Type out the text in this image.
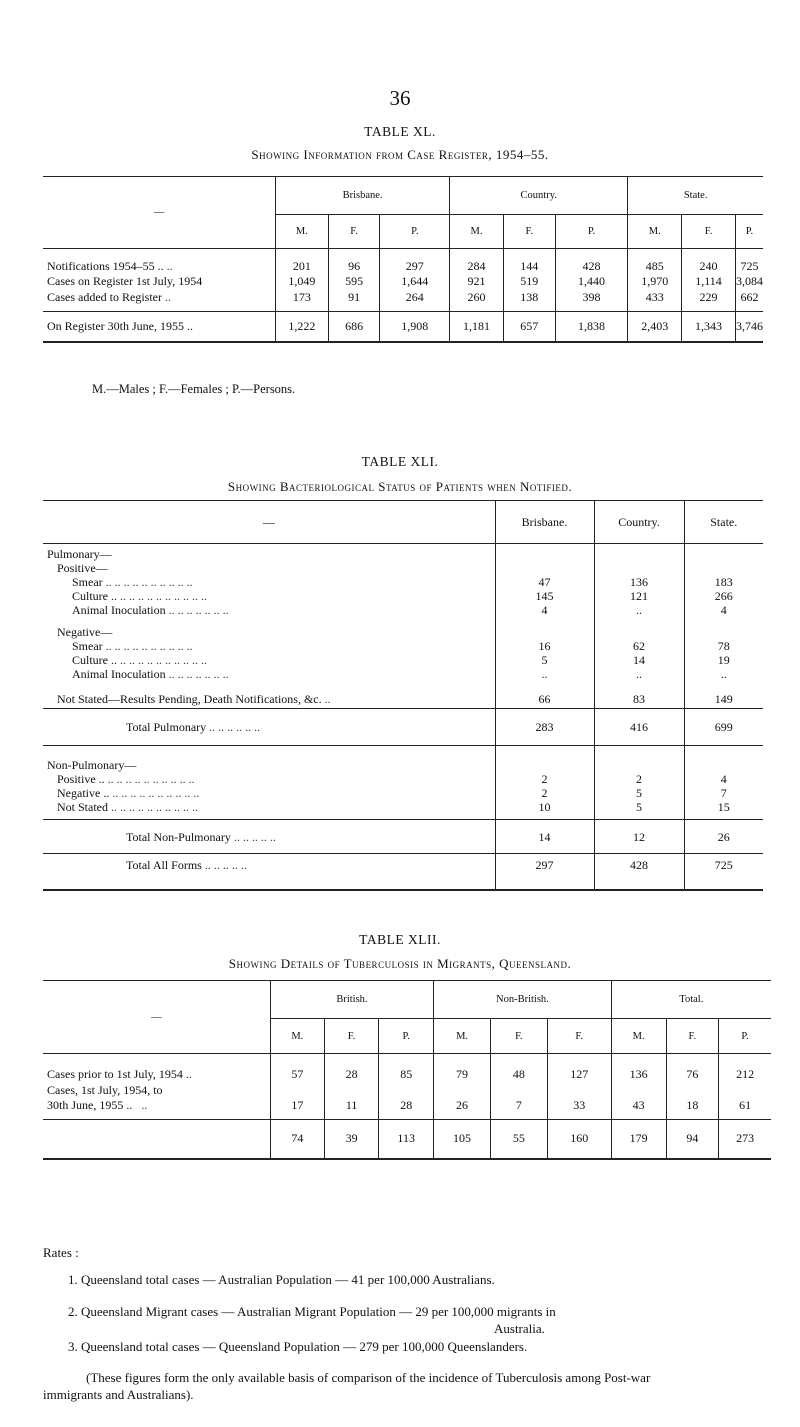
36
TABLE XL.
Showing Information from Case Register, 1954–55.
—	Brisbane.			Country.			State.		
	M.	F.	P.	M.	F.	P.	M.	F.	P.
Notifications 1954–55 .. ..	201	96	297	284	144	428	485	240	725
Cases on Register 1st July, 1954	1,049	595	1,644	921	519	1,440	1,970	1,114	3,084
Cases added to Register ..	173	91	264	260	138	398	433	229	662
On Register 30th June, 1955 ..	1,222	686	1,908	1,181	657	1,838	2,403	1,343	3,746
M.—Males ; F.—Females ; P.—Persons.
TABLE XLI.
Showing Bacteriological Status of Patients when Notified.
—	Brisbane.	Country.	State.
Pulmonary—			
Positive—			
Smear .. .. .. .. .. .. .. .. .. ..	47	136	183
Culture .. .. .. .. .. .. .. .. .. .. ..	145	121	266
Animal Inoculation .. .. .. .. .. .. ..	4	..	4
Negative—			
Smear .. .. .. .. .. .. .. .. .. ..	16	62	78
Culture .. .. .. .. .. .. .. .. .. .. ..	5	14	19
Animal Inoculation .. .. .. .. .. .. ..	..	..	..
Not Stated—Results Pending, Death Notifications, &c. ..	66	83	149
Total Pulmonary .. .. .. .. .. ..	283	416	699
Non-Pulmonary—			
Positive .. .. .. .. .. .. .. .. .. .. ..	2	2	4
Negative .. .. .. .. .. .. .. .. .. .. ..	2	5	7
Not Stated .. .. .. .. .. .. .. .. .. ..	10	5	15
Total Non-Pulmonary .. .. .. .. ..	14	12	26
Total All Forms .. .. .. .. ..	297	428	725
TABLE XLII.
Showing Details of Tuberculosis in Migrants, Queensland.
—	British.			Non-British.			Total.		
	M.	F.	P.	M.	F.	F.	M.	F.	P.
Cases prior to 1st July, 1954 ..	57	28	85	79	48	127	136	76	212
Cases, 1st July, 1954, to
30th June, 1955 .. ..	17	11	28	26	7	33	43	18	61
	74	39	113	105	55	160	179	94	273
Rates :
1. Queensland total cases — Australian Population — 41 per 100,000 Australians.
2. Queensland Migrant cases — Australian Migrant Population — 29 per 100,000 migrants in
Australia.
3. Queensland total cases — Queensland Population — 279 per 100,000 Queenslanders.
(These figures form the only available basis of comparison of the incidence of Tuberculosis among Post-war
immigrants and Australians).
